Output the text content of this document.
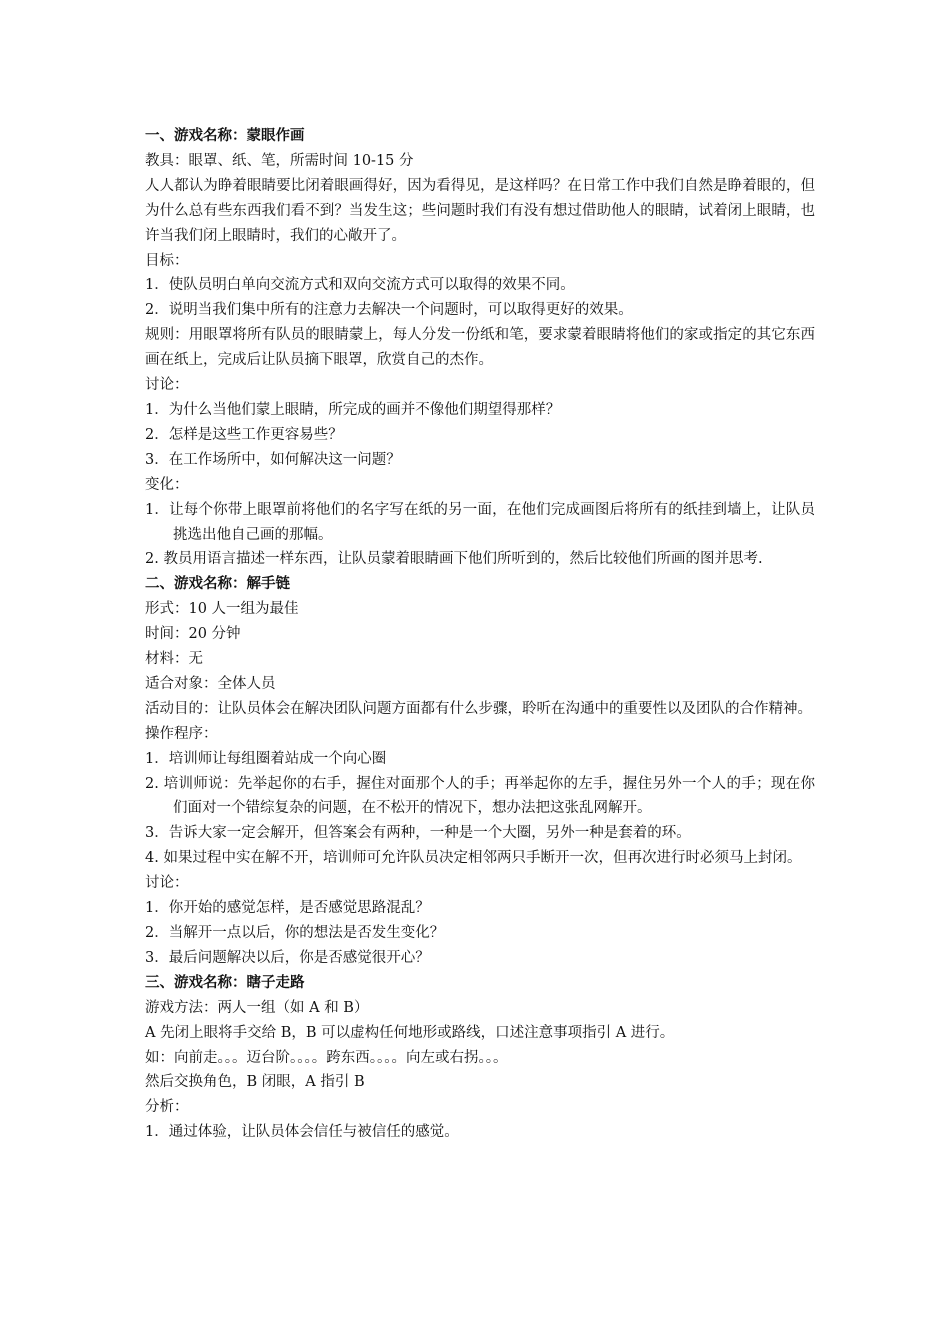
一、游戏名称：蒙眼作画

教具：眼罩、纸、笔，所需时间 10-15 分

人人都认为睁着眼睛要比闭着眼画得好，因为看得见，是这样吗？在日常工作中我们自然是睁着眼的，但为什么总有些东西我们看不到？当发生这；些问题时我们有没有想过借助他人的眼睛，试着闭上眼睛，也许当我们闭上眼睛时，我们的心敞开了。

目标：

1．使队员明白单向交流方式和双向交流方式可以取得的效果不同。

2．说明当我们集中所有的注意力去解决一个问题时，可以取得更好的效果。

规则：用眼罩将所有队员的眼睛蒙上，每人分发一份纸和笔，要求蒙着眼睛将他们的家或指定的其它东西画在纸上，完成后让队员摘下眼罩，欣赏自己的杰作。

讨论：

1．为什么当他们蒙上眼睛，所完成的画并不像他们期望得那样？

2．怎样是这些工作更容易些？

3．在工作场所中，如何解决这一问题？

变化：

1．让每个你带上眼罩前将他们的名字写在纸的另一面，在他们完成画图后将所有的纸挂到墙上，让队员挑选出他自己画的那幅。

2. 教员用语言描述一样东西，让队员蒙着眼睛画下他们所听到的，然后比较他们所画的图并思考.

二、游戏名称：解手链

形式：10 人一组为最佳

时间：20 分钟

材料：无

适合对象：全体人员

活动目的：让队员体会在解决团队问题方面都有什么步骤，聆听在沟通中的重要性以及团队的合作精神。

操作程序：

1．培训师让每组圈着站成一个向心圈

2. 培训师说：先举起你的右手，握住对面那个人的手；再举起你的左手，握住另外一个人的手；现在你们面对一个错综复杂的问题，在不松开的情况下，想办法把这张乱网解开。

3．告诉大家一定会解开，但答案会有两种，一种是一个大圈，另外一种是套着的环。

4. 如果过程中实在解不开，培训师可允许队员决定相邻两只手断开一次，但再次进行时必须马上封闭。

讨论：

1．你开始的感觉怎样，是否感觉思路混乱？

2．当解开一点以后，你的想法是否发生变化？

3．最后问题解决以后，你是否感觉很开心？

三、游戏名称：瞎子走路

游戏方法：两人一组（如 A 和 B）

A 先闭上眼将手交给 B，B 可以虚构任何地形或路线，口述注意事项指引 A 进行。

如：向前走。。。迈台阶。。。。跨东西。。。。向左或右拐。。。

然后交换角色，B 闭眼，A 指引 B

分析：

1．通过体验，让队员体会信任与被信任的感觉。
